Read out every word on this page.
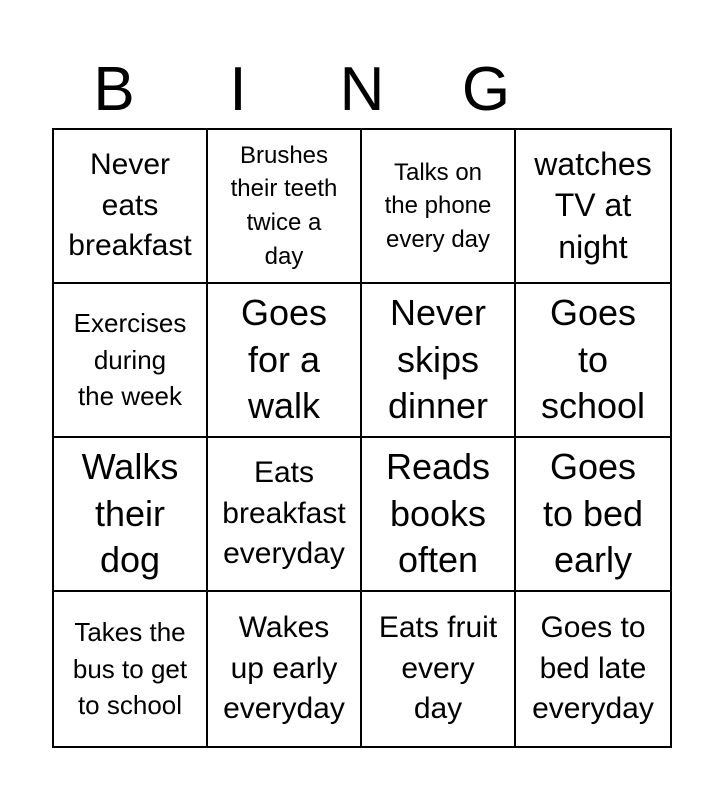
B	I	N	G
Never
eats
breakfast
Brushes
their teeth
twice a
day
Talks on
the phone
every day
watches
TV at
night
Exercises
during
the week
Goes
for a
walk
Never
skips
dinner
Goes
to
school
Walks
their
dog
Eats
breakfast
everyday
Reads
books
often
Goes
to bed
early
Takes the
bus to get
to school
Wakes
up early
everyday
Eats fruit
every
day
Goes to
bed late
everyday
